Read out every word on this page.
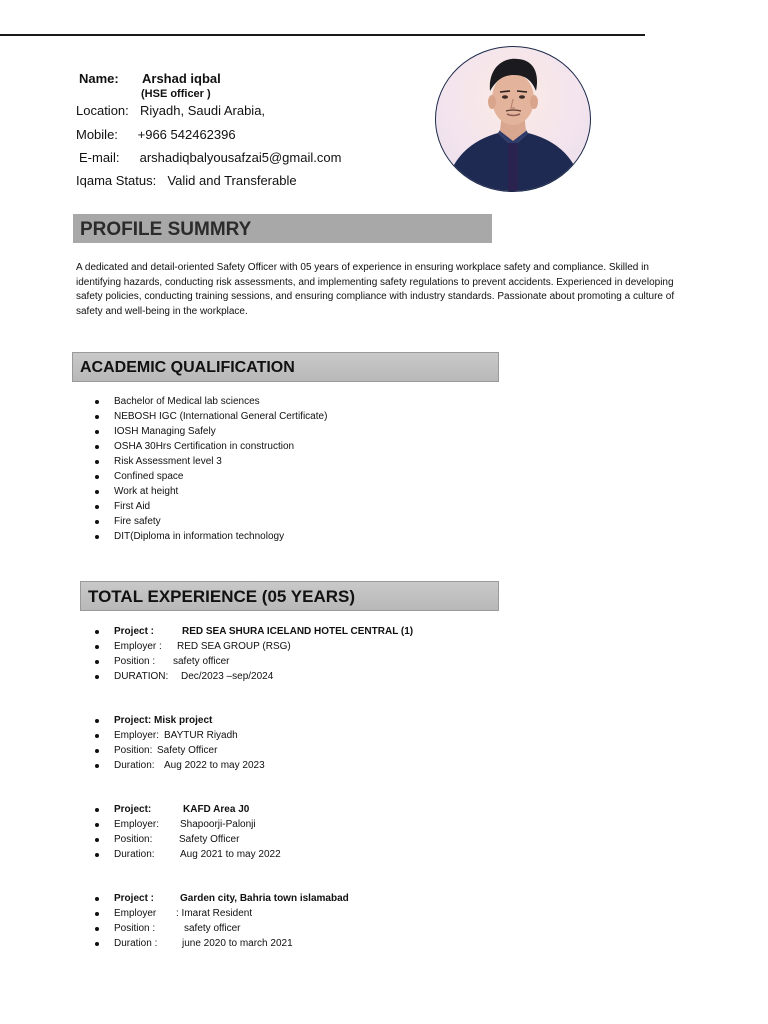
Name: Arshad iqbal
(HSE officer )
Location: Riyadh, Saudi Arabia,
Mobile: +966 542462396
E-mail: arshadiqbalyousafzai5@gmail.com
Iqama Status: Valid and Transferable
PROFILE SUMMRY
A dedicated and detail-oriented Safety Officer with 05 years of experience in ensuring workplace safety and compliance. Skilled in identifying hazards, conducting risk assessments, and implementing safety regulations to prevent accidents. Experienced in developing safety policies, conducting training sessions, and ensuring compliance with industry standards. Passionate about promoting a culture of safety and well-being in the workplace.
ACADEMIC QUALIFICATION
Bachelor of Medical lab sciences
NEBOSH IGC (International General Certificate)
IOSH Managing Safely
OSHA 30Hrs Certification in construction
Risk Assessment level 3
Confined space
Work at height
First Aid
Fire safety
DIT(Diploma in information technology
TOTAL EXPERIENCE (05 YEARS)
Project :	RED SEA SHURA ICELAND HOTEL CENTRAL (1)
Employer : RED SEA GROUP (RSG)
Position : safety officer
DURATION: Dec/2023 –sep/2024
Project: Misk project
Employer: BAYTUR Riyadh
Position: Safety Officer
Duration: Aug 2022 to may 2023
Project:	KAFD Area J0
Employer: Shapoorji-Palonji
Position:	Safety Officer
Duration:	Aug 2021 to may 2022
Project :	Garden city, Bahria town islamabad
Employer : Imarat Resident
Position :	safety officer
Duration : june 2020 to march 2021
